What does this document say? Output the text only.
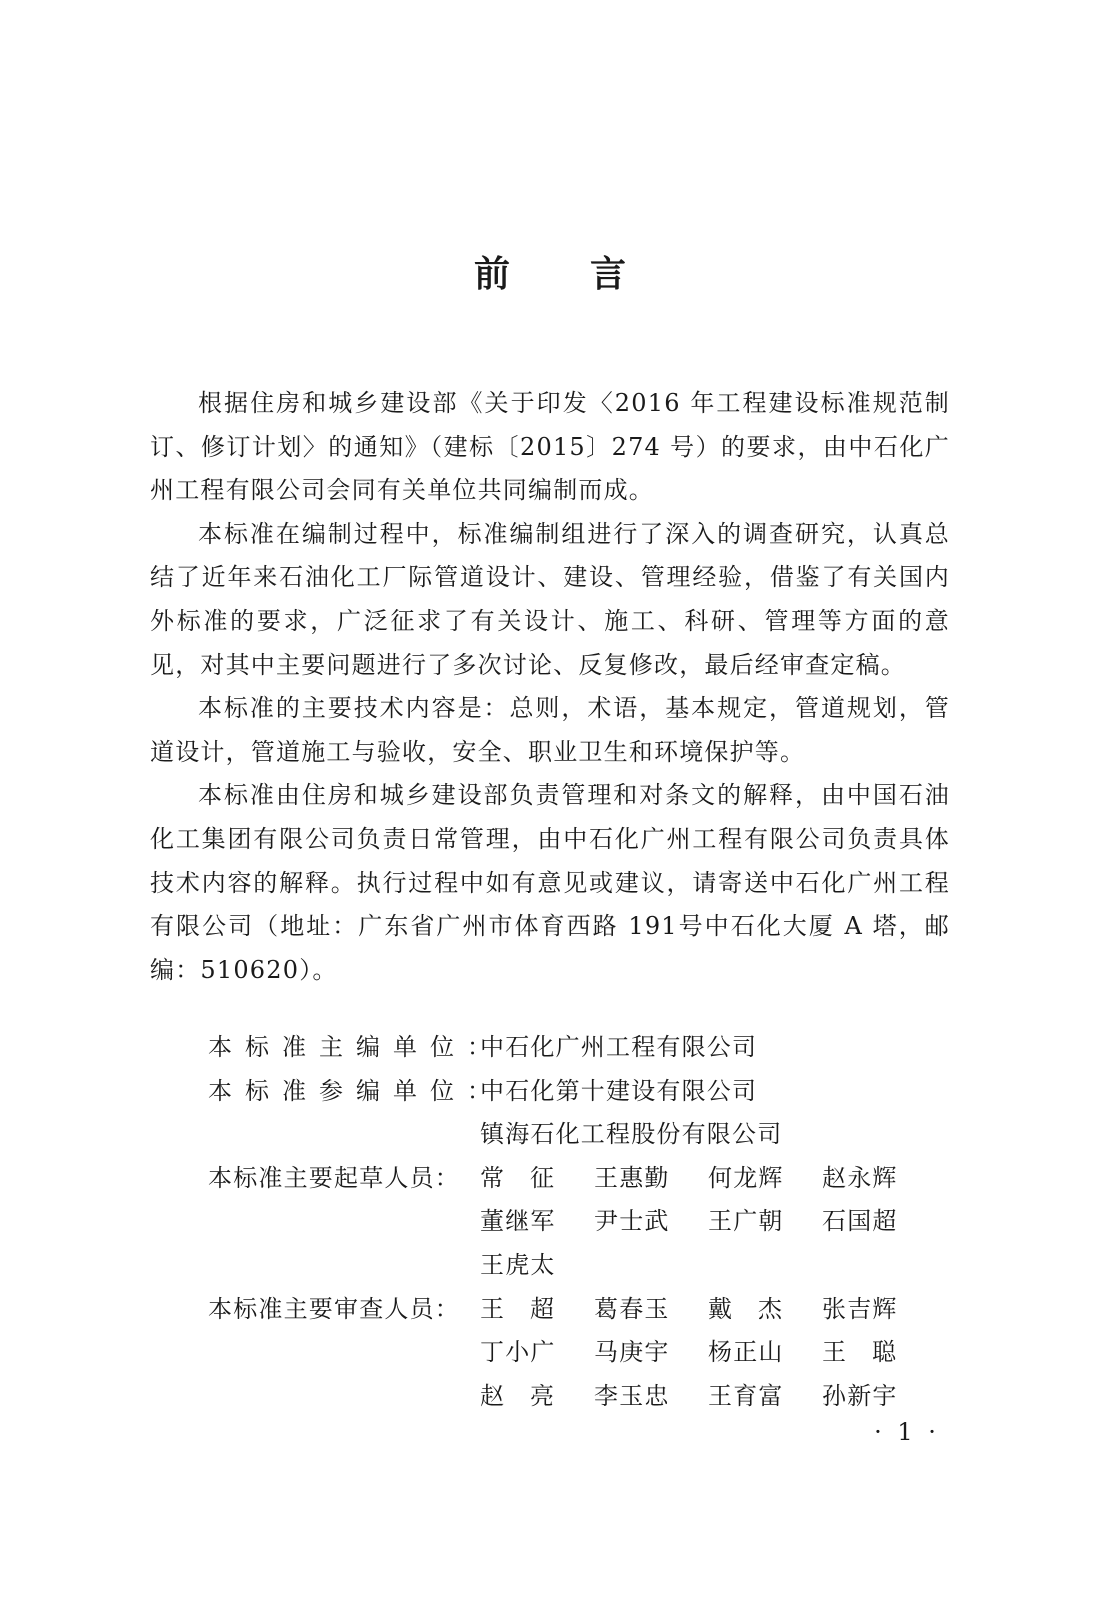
前 言

根据住房和城乡建设部《关于印发〈2016 年工程建设标准规范制订、修订计划〉的通知》（建标〔2015〕274 号）的要求，由中石化广州工程有限公司会同有关单位共同编制而成。

本标准在编制过程中，标准编制组进行了深入的调查研究，认真总结了近年来石油化工厂际管道设计、建设、管理经验，借鉴了有关国内外标准的要求，广泛征求了有关设计、施工、科研、管理等方面的意见，对其中主要问题进行了多次讨论、反复修改，最后经审查定稿。

本标准的主要技术内容是：总则，术语，基本规定，管道规划，管道设计，管道施工与验收，安全、职业卫生和环境保护等。

本标准由住房和城乡建设部负责管理和对条文的解释，由中国石油化工集团有限公司负责日常管理，由中石化广州工程有限公司负责具体技术内容的解释。执行过程中如有意见或建议，请寄送中石化广州工程有限公司（地址：广东省广州市体育西路 191号中石化大厦 A 塔，邮编：510620）。

本标准主编单位：
中石化广州工程有限公司
本标准参编单位：
中石化第十建设有限公司
镇海石化工程股份有限公司
本标准主要起草人员： 常征 王惠勤	何龙辉	赵永辉
董继军	尹士武	王广朝	石国超
王虎太
本标准主要审查人员： 王超 葛春玉	戴杰 张吉辉
丁小广	马庚宇	杨正山	王聪
赵亮 李玉忠	王育富	孙新宇
· 1 ·
